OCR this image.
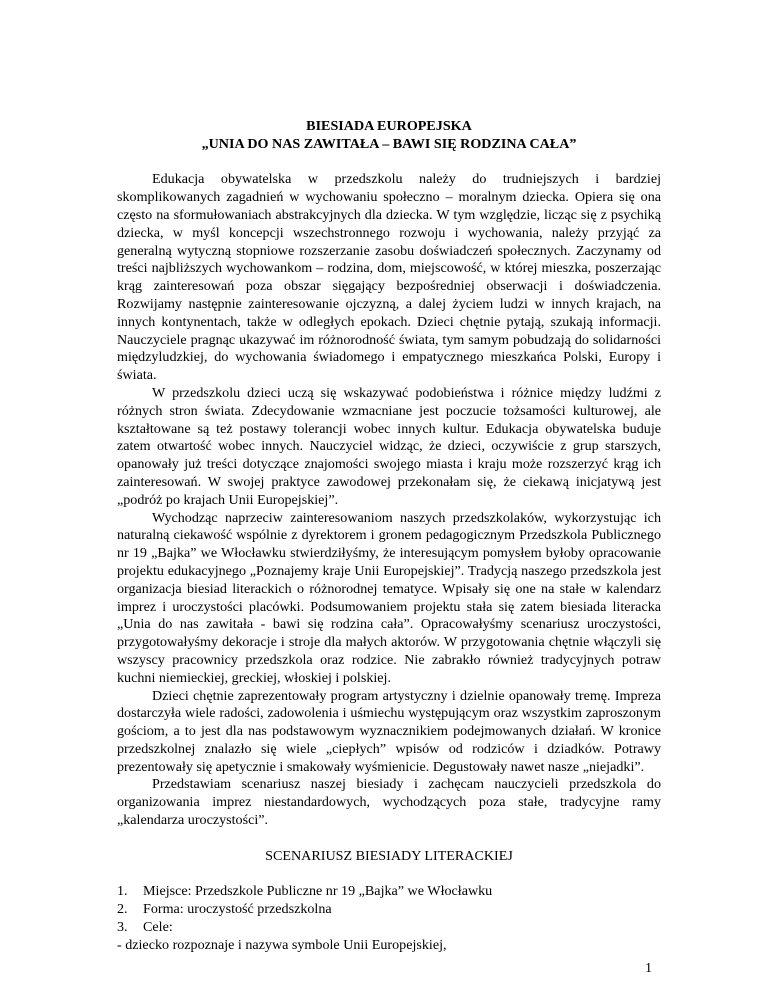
BIESIADA EUROPEJSKA

„UNIA DO NAS ZAWITAŁA – BAWI SIĘ RODZINA CAŁA”

Edukacja obywatelska w przedszkolu należy do trudniejszych i bardziej skomplikowanych zagadnień w wychowaniu społeczno – moralnym dziecka. Opiera się ona często na sformułowaniach abstrakcyjnych dla dziecka. W tym względzie, licząc się z psychiką dziecka, w myśl koncepcji wszechstronnego rozwoju i wychowania, należy przyjąć za generalną wytyczną stopniowe rozszerzanie zasobu doświadczeń społecznych. Zaczynamy od treści najbliższych wychowankom – rodzina, dom, miejscowość, w której mieszka, poszerzając krąg zainteresowań poza obszar sięgający bezpośredniej obserwacji i doświadczenia. Rozwijamy następnie zainteresowanie ojczyzną, a dalej życiem ludzi w innych krajach, na innych kontynentach, także w odległych epokach. Dzieci chętnie pytają, szukają informacji. Nauczyciele pragnąc ukazywać im różnorodność świata, tym samym pobudzają do solidarności międzyludzkiej, do wychowania świadomego i empatycznego mieszkańca Polski, Europy i świata.

W przedszkolu dzieci uczą się wskazywać podobieństwa i różnice między ludźmi z różnych stron świata. Zdecydowanie wzmacniane jest poczucie tożsamości kulturowej, ale kształtowane są też postawy tolerancji wobec innych kultur. Edukacja obywatelska buduje zatem otwartość wobec innych. Nauczyciel widząc, że dzieci, oczywiście z grup starszych, opanowały już treści dotyczące znajomości swojego miasta i kraju może rozszerzyć krąg ich zainteresowań. W swojej praktyce zawodowej przekonałam się, że ciekawą inicjatywą jest „podróż po krajach Unii Europejskiej”.

Wychodząc naprzeciw zainteresowaniom naszych przedszkolaków, wykorzystując ich naturalną ciekawość wspólnie z dyrektorem i gronem pedagogicznym Przedszkola Publicznego nr 19 „Bajka” we Włocławku stwierdziłyśmy, że interesującym pomysłem byłoby opracowanie projektu edukacyjnego „Poznajemy kraje Unii Europejskiej”. Tradycją naszego przedszkola jest organizacja biesiad literackich o różnorodnej tematyce. Wpisały się one na stałe w kalendarz imprez i uroczystości placówki. Podsumowaniem projektu stała się zatem biesiada literacka „Unia do nas zawitała - bawi się rodzina cała”. Opracowałyśmy scenariusz uroczystości, przygotowałyśmy dekoracje i stroje dla małych aktorów. W przygotowania chętnie włączyli się wszyscy pracownicy przedszkola oraz rodzice. Nie zabrakło również tradycyjnych potraw kuchni niemieckiej, greckiej, włoskiej i polskiej.

Dzieci chętnie zaprezentowały program artystyczny i dzielnie opanowały tremę. Impreza dostarczyła wiele radości, zadowolenia i uśmiechu występującym oraz wszystkim zaproszonym gościom, a to jest dla nas podstawowym wyznacznikiem podejmowanych działań. W kronice przedszkolnej znalazło się wiele „ciepłych” wpisów od rodziców i dziadków. Potrawy prezentowały się apetycznie i smakowały wyśmienicie. Degustowały nawet nasze „niejadki”.

Przedstawiam scenariusz naszej biesiady i zachęcam nauczycieli przedszkola do organizowania imprez niestandardowych, wychodzących poza stałe, tradycyjne ramy „kalendarza uroczystości”.

SCENARIUSZ BIESIADY LITERACKIEJ

1. Miejsce: Przedszkole Publiczne nr 19 „Bajka” we Włocławku
2. Forma: uroczystość przedszkolna
3. Cele:

- dziecko rozpoznaje i nazywa symbole Unii Europejskiej,

1
